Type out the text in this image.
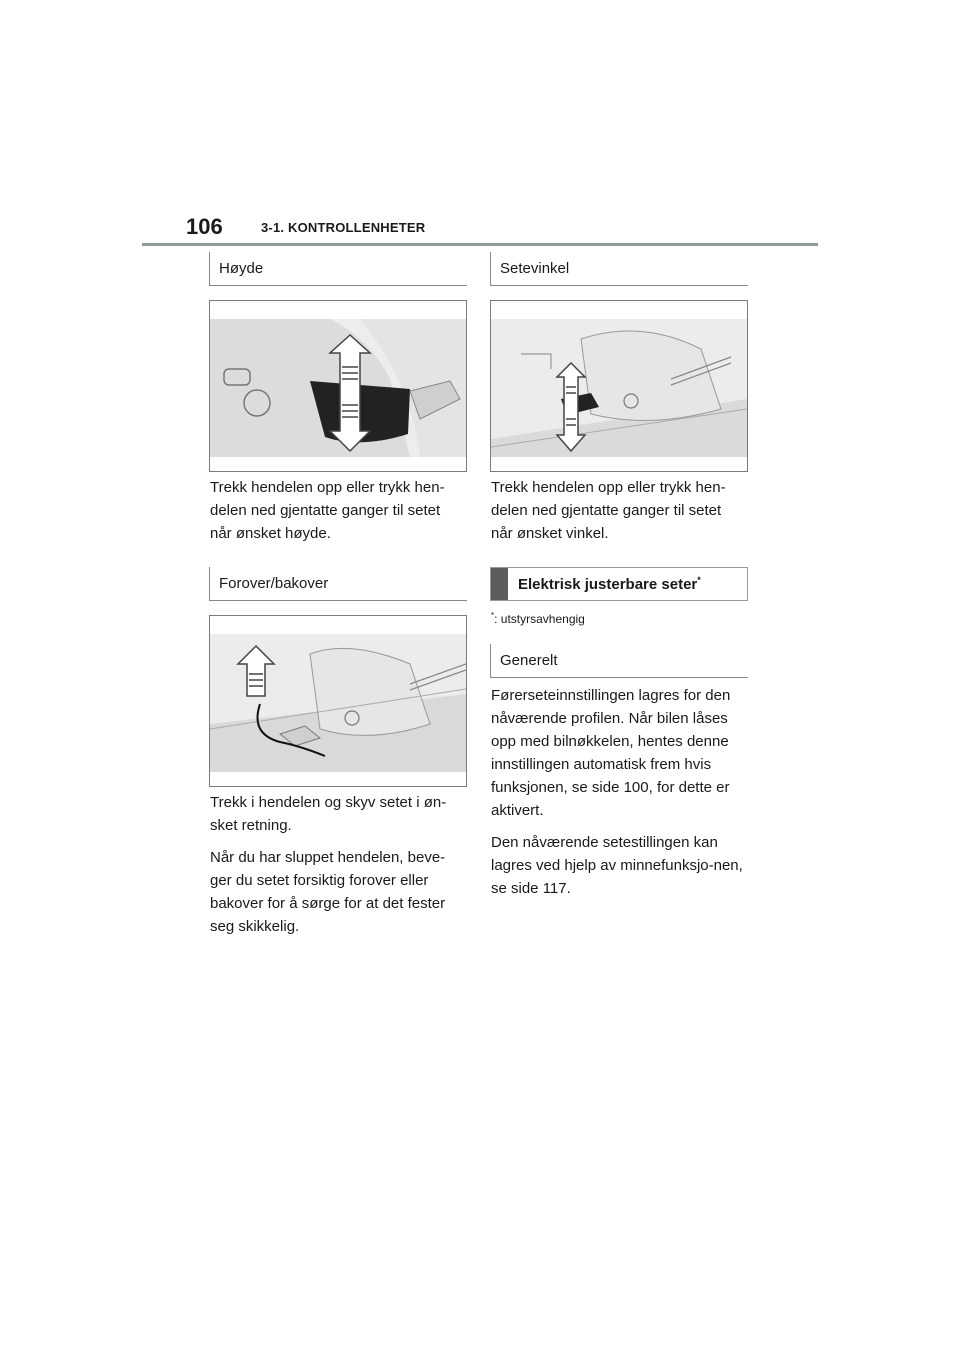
106	3-1. KONTROLLENHETER
Høyde

Trekk hendelen opp eller trykk hen-delen ned gjentatte ganger til setet når ønsket høyde.

Forover/bakover

Trekk i hendelen og skyv setet i øn-sket retning.

Når du har sluppet hendelen, beve-ger du setet forsiktig forover eller bakover for å sørge for at det fester seg skikkelig.

Setevinkel

Trekk hendelen opp eller trykk hen-delen ned gjentatte ganger til setet når ønsket vinkel.

Elektrisk justerbare seter*
*: utstyrsavhengig
Generelt

Førerseteinnstillingen lagres for den nåværende profilen. Når bilen låses opp med bilnøkkelen, hentes denne innstillingen automatisk frem hvis funksjonen, se side 100, for dette er aktivert.

Den nåværende setestillingen kan lagres ved hjelp av minnefunksjo-nen, se side 117.
